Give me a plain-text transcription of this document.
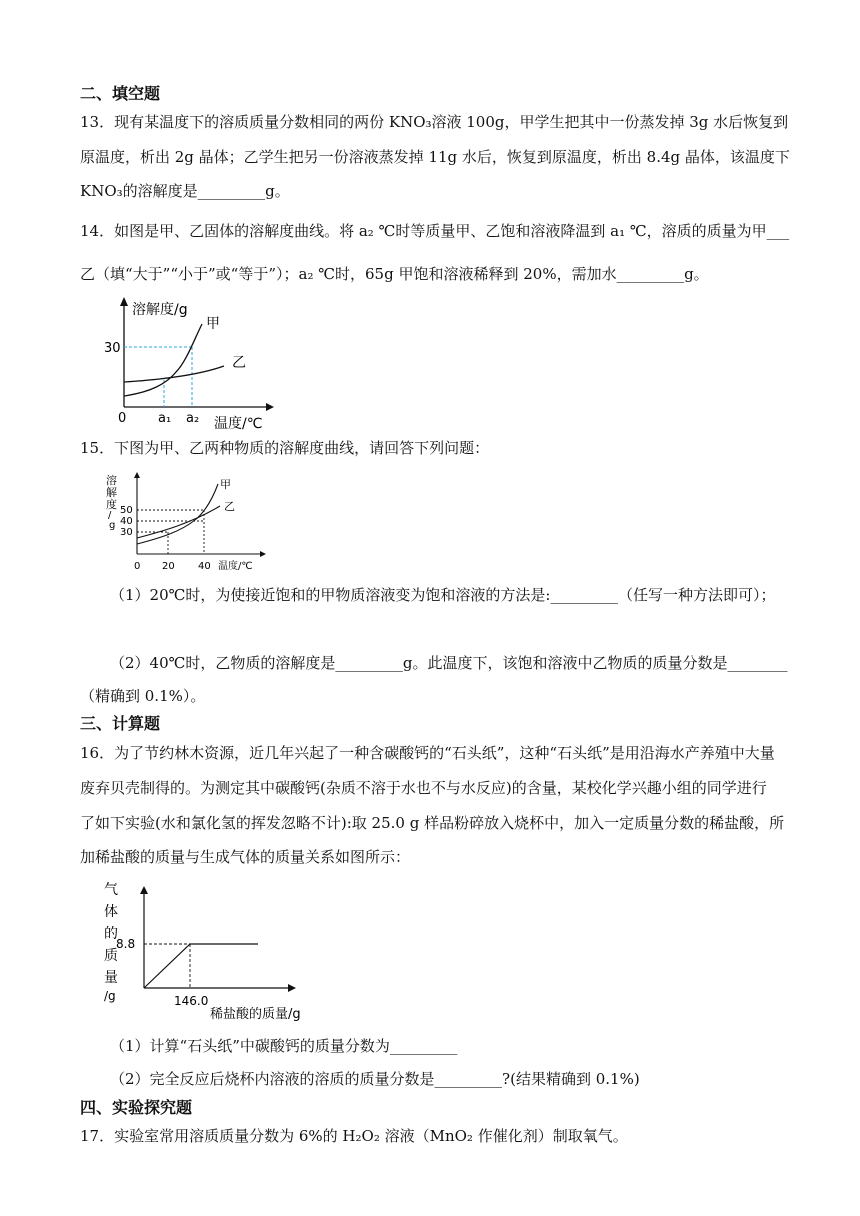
二、填空题
13．现有某温度下的溶质质量分数相同的两份 KNO₃溶液 100g，甲学生把其中一份蒸发掉 3g 水后恢复到
原温度，析出 2g 晶体；乙学生把另一份溶液蒸发掉 11g 水后，恢复到原温度，析出 8.4g 晶体，该温度下
KNO₃的溶解度是_________g。
14．如图是甲、乙固体的溶解度曲线。将 a₂ ℃时等质量甲、乙饱和溶液降温到 a₁ ℃，溶质的质量为甲___
乙（填“大于”“小于”或“等于”）；a₂ ℃时，65g 甲饱和溶液稀释到 20%，需加水_________g。
溶解度/g
30
甲
乙
0 a₁ a₂ 温度/℃
15．下图为甲、乙两种物质的溶解度曲线，请回答下列问题：
溶
解
度
/
g
50
40
30
甲
乙
0 20 40 温度/℃
（1）20℃时，为使接近饱和的甲物质溶液变为饱和溶液的方法是:_________（任写一种方法即可）；
（2）40℃时，乙物质的溶解度是_________g。此温度下，该饱和溶液中乙物质的质量分数是________
（精确到 0.1%）。
三、计算题
16．为了节约林木资源，近几年兴起了一种含碳酸钙的“石头纸”，这种“石头纸”是用沿海水产养殖中大量
废弃贝壳制得的。为测定其中碳酸钙(杂质不溶于水也不与水反应)的含量，某校化学兴趣小组的同学进行
了如下实验(水和氯化氢的挥发忽略不计):取 25.0 g 样品粉碎放入烧杯中，加入一定质量分数的稀盐酸，所
加稀盐酸的质量与生成气体的质量关系如图所示：
气
体
的
质
量
/g
8.8
146.0
稀盐酸的质量/g
（1）计算“石头纸”中碳酸钙的质量分数为_________
（2）完全反应后烧杯内溶液的溶质的质量分数是_________?(结果精确到 0.1%)
四、实验探究题
17．实验室常用溶质质量分数为 6%的 H₂O₂ 溶液（MnO₂ 作催化剂）制取氧气。
